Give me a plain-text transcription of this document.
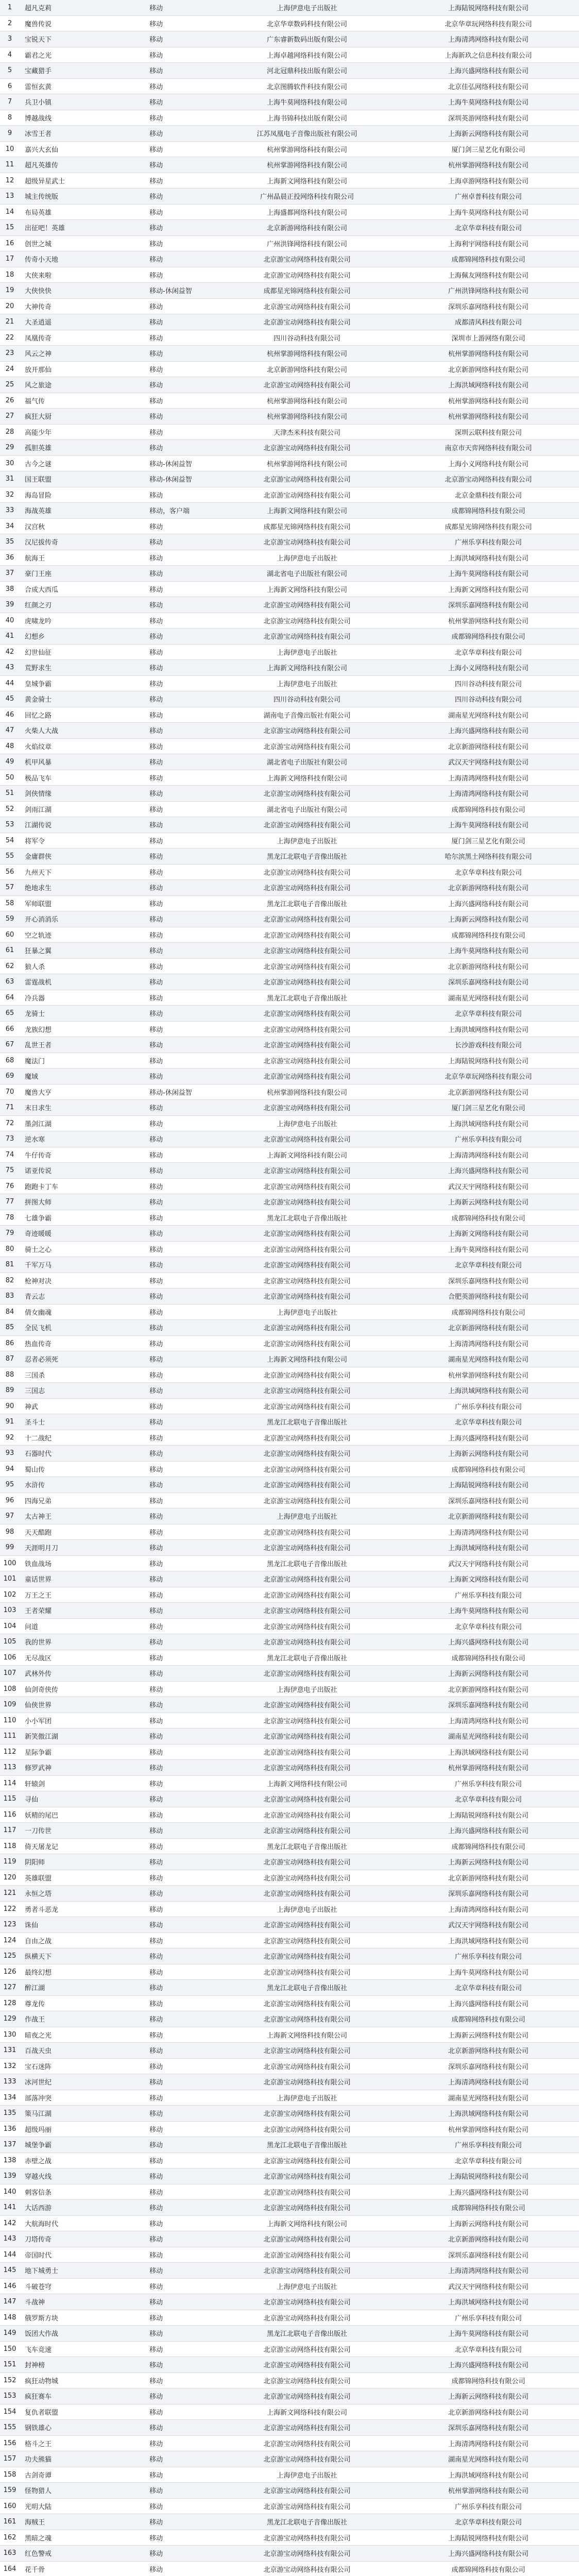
1	超凡克莉	移动	上海伊意电子出版社	上海陆锐网络科技有限公司
2	魔兽传说	移动	北京华章数码科技有限公司	北京华章玩网络科技有限公司
3	宝锐天下	移动	广东睿新数码出版有限公司	上海清鸿网络科技有限公司
4	霸君之光	移动	上海卓越网络科技有限公司	上海新玖之信息科技有限公司
5	宝藏猎手	移动	河北冠鼎科技出版有限公司	上海兴盛网络科技有限公司
6	雷恒玄黄	移动	北京图腾软件科技有限公司	北京佳弘网络科技有限公司
7	兵卫小镇	移动	上海牛莫网络科技有限公司	上海牛莫网络科技有限公司
8	博越战线	移动	上海书锦科技出版有限公司	深圳英游网络科技有限公司
9	冰雪王者	移动	江苏凤凰电子音像出版社有限公司	上海新云网络科技有限公司
10	嘉兴大玄仙	移动	杭州掌游网络科技有限公司	厦门剑三星艺化有限公司
11	超凡英雄传	移动	杭州掌游网络科技有限公司	杭州掌游网络科技有限公司
12	超级异星武士	移动	上海新文网络科技有限公司	上海卓游网络科技有限公司
13	城主传统版	移动	广州晶晨正投网络科技有限公司	广州卓普科技有限公司
14	布局英雄	移动	上海盛都网络科技有限公司	上海牛莫网络科技有限公司
15	出征吧！英雄	移动	北京新游网络科技有限公司	北京华章科技有限公司
16	创世之城	移动	广州洪锋网络科技有限公司	上海利宇网络科技有限公司
17	传奇小天地	移动	北京游宝动网络科技有限公司	成都锦网络科技有限公司
18	大侠来啦	移动	北京游宝动网络科技有限公司	上海佩友网络科技有限公司
19	大侠快快	移动-休闲益智	成都星光锦网络科技有限公司	广州洪锋网络科技有限公司
20	大神传奇	移动	北京游宝动网络科技有限公司	深圳乐嘉网络科技有限公司
21	大圣逍遥	移动	北京游宝动网络科技有限公司	成都清风科技有限公司
22	凤凰传奇	移动	四川谷动科技有限公司	深圳市上游网络有限公司
23	风云之神	移动	杭州掌游网络科技有限公司	杭州掌游网络科技有限公司
24	放开那仙	移动	北京新游网络科技有限公司	北京新游网络科技有限公司
25	风之旅途	移动	北京游宝动网络科技有限公司	上海洪域网络科技有限公司
26	福气传	移动	杭州掌游网络科技有限公司	杭州掌游网络科技有限公司
27	疯狂大厨	移动	杭州掌游网络科技有限公司	杭州掌游网络科技有限公司
28	高能少年	移动	天津杰米科技有限公司	深圳云联科技有限公司
29	孤胆英雄	移动	北京游宝动网络科技有限公司	南京市天弈网络科技有限公司
30	古今之谜	移动-休闲益智	杭州掌游网络科技有限公司	上海小义网络科技有限公司
31	国王联盟	移动-休闲益智	北京游宝动网络科技有限公司	北京游宝动网络科技有限公司
32	海岛冒险	移动	北京游宝动网络科技有限公司	北京金鼎科技有限公司
33	海战英雄	移动，客户端	上海新文网络科技有限公司	成都锦网络科技有限公司
34	汉宫秋	移动	成都星光锦网络科技有限公司	成都星光锦网络科技有限公司
35	汉尼拔传奇	移动	北京游宝动网络科技有限公司	广州乐享科技有限公司
36	航海王	移动	上海伊意电子出版社	上海洪域网络科技有限公司
37	豪门王座	移动	湖北省电子出版社有限公司	上海牛莫网络科技有限公司
38	合成大西瓜	移动	上海新文网络科技有限公司	上海新文网络科技有限公司
39	红颜之刃	移动	北京游宝动网络科技有限公司	深圳乐嘉网络科技有限公司
40	虎啸龙吟	移动	北京游宝动网络科技有限公司	杭州掌游网络科技有限公司
41	幻想乡	移动	北京游宝动网络科技有限公司	成都锦网络科技有限公司
42	幻世仙征	移动	上海伊意电子出版社	北京华章科技有限公司
43	荒野求生	移动	上海新文网络科技有限公司	上海小义网络科技有限公司
44	皇城争霸	移动	上海伊意电子出版社	四川谷动科技有限公司
45	黄金骑士	移动	四川谷动科技有限公司	四川谷动科技有限公司
46	回忆之路	移动	湖南电子音像出版社有限公司	湖南星光网络科技有限公司
47	火柴人大战	移动	北京游宝动网络科技有限公司	上海兴盛网络科技有限公司
48	火焰纹章	移动	北京游宝动网络科技有限公司	北京新游网络科技有限公司
49	机甲风暴	移动	湖北省电子出版社有限公司	武汉天宇网络科技有限公司
50	极品飞车	移动	上海新文网络科技有限公司	上海清鸿网络科技有限公司
51	剑侠情缘	移动	北京游宝动网络科技有限公司	上海清鸿网络科技有限公司
52	剑雨江湖	移动	湖北省电子出版社有限公司	成都锦网络科技有限公司
53	江湖传说	移动	北京游宝动网络科技有限公司	上海牛莫网络科技有限公司
54	将军令	移动	上海伊意电子出版社	厦门剑三星艺化有限公司
55	金庸群侠	移动	黑龙江北联电子音像出版社	哈尔滨黑土网络科技有限公司
56	九州天下	移动	北京游宝动网络科技有限公司	北京华章科技有限公司
57	绝地求生	移动	北京游宝动网络科技有限公司	北京新游网络科技有限公司
58	军师联盟	移动	黑龙江北联电子音像出版社	上海兴盛网络科技有限公司
59	开心消消乐	移动	北京游宝动网络科技有限公司	上海新云网络科技有限公司
60	空之轨迹	移动	北京游宝动网络科技有限公司	成都锦网络科技有限公司
61	狂暴之翼	移动	北京游宝动网络科技有限公司	上海牛莫网络科技有限公司
62	狼人杀	移动	北京游宝动网络科技有限公司	北京新游网络科技有限公司
63	雷霆战机	移动	北京游宝动网络科技有限公司	深圳乐嘉网络科技有限公司
64	冷兵器	移动	黑龙江北联电子音像出版社	湖南星光网络科技有限公司
65	龙骑士	移动	北京游宝动网络科技有限公司	北京华章科技有限公司
66	龙族幻想	移动	北京游宝动网络科技有限公司	上海洪域网络科技有限公司
67	乱世王者	移动	北京游宝动网络科技有限公司	长沙游戏科技有限公司
68	魔法门	移动	北京游宝动网络科技有限公司	上海陆锐网络科技有限公司
69	魔域	移动	北京游宝动网络科技有限公司	北京华章玩网络科技有限公司
70	魔兽大亨	移动-休闲益智	杭州掌游网络科技有限公司	北京新游网络科技有限公司
71	末日求生	移动	北京游宝动网络科技有限公司	厦门剑三星艺化有限公司
72	墨剑江湖	移动	上海伊意电子出版社	上海洪域网络科技有限公司
73	逆水寒	移动	北京游宝动网络科技有限公司	广州乐享科技有限公司
74	牛仔传奇	移动	上海新文网络科技有限公司	上海清鸿网络科技有限公司
75	诺亚传说	移动	北京游宝动网络科技有限公司	上海兴盛网络科技有限公司
76	跑跑卡丁车	移动	北京游宝动网络科技有限公司	武汉天宇网络科技有限公司
77	拼图大师	移动	北京游宝动网络科技有限公司	上海新云网络科技有限公司
78	七雄争霸	移动	黑龙江北联电子音像出版社	成都锦网络科技有限公司
79	奇迹暖暖	移动	北京游宝动网络科技有限公司	上海新文网络科技有限公司
80	骑士之心	移动	北京游宝动网络科技有限公司	上海牛莫网络科技有限公司
81	千军万马	移动	北京游宝动网络科技有限公司	北京华章科技有限公司
82	枪神对决	移动	北京游宝动网络科技有限公司	深圳乐嘉网络科技有限公司
83	青云志	移动	北京游宝动网络科技有限公司	合肥英游网络科技有限公司
84	倩女幽魂	移动	上海伊意电子出版社	成都锦网络科技有限公司
85	全民飞机	移动	北京游宝动网络科技有限公司	北京新游网络科技有限公司
86	热血传奇	移动	北京游宝动网络科技有限公司	上海清鸿网络科技有限公司
87	忍者必须死	移动	上海新文网络科技有限公司	湖南星光网络科技有限公司
88	三国杀	移动	北京游宝动网络科技有限公司	杭州掌游网络科技有限公司
89	三国志	移动	北京游宝动网络科技有限公司	上海洪域网络科技有限公司
90	神武	移动	北京游宝动网络科技有限公司	广州乐享科技有限公司
91	圣斗士	移动	黑龙江北联电子音像出版社	北京华章科技有限公司
92	十二战纪	移动	北京游宝动网络科技有限公司	上海兴盛网络科技有限公司
93	石器时代	移动	北京游宝动网络科技有限公司	上海新云网络科技有限公司
94	蜀山传	移动	北京游宝动网络科技有限公司	成都锦网络科技有限公司
95	水浒传	移动	北京游宝动网络科技有限公司	上海陆锐网络科技有限公司
96	四海兄弟	移动	北京游宝动网络科技有限公司	深圳乐嘉网络科技有限公司
97	太古神王	移动	上海伊意电子出版社	北京新游网络科技有限公司
98	天天酷跑	移动	北京游宝动网络科技有限公司	上海清鸿网络科技有限公司
99	天涯明月刀	移动	北京游宝动网络科技有限公司	上海洪域网络科技有限公司
100	铁血战场	移动	黑龙江北联电子音像出版社	武汉天宇网络科技有限公司
101	童话世界	移动	北京游宝动网络科技有限公司	上海新文网络科技有限公司
102	万王之王	移动	北京游宝动网络科技有限公司	广州乐享科技有限公司
103	王者荣耀	移动	北京游宝动网络科技有限公司	上海牛莫网络科技有限公司
104	问道	移动	北京游宝动网络科技有限公司	北京华章科技有限公司
105	我的世界	移动	北京游宝动网络科技有限公司	上海兴盛网络科技有限公司
106	无尽战区	移动	黑龙江北联电子音像出版社	成都锦网络科技有限公司
107	武林外传	移动	北京游宝动网络科技有限公司	上海新云网络科技有限公司
108	仙剑奇侠传	移动	上海伊意电子出版社	北京新游网络科技有限公司
109	仙侠世界	移动	北京游宝动网络科技有限公司	深圳乐嘉网络科技有限公司
110	小小军团	移动	北京游宝动网络科技有限公司	上海清鸿网络科技有限公司
111	新笑傲江湖	移动	北京游宝动网络科技有限公司	湖南星光网络科技有限公司
112	星际争霸	移动	北京游宝动网络科技有限公司	上海洪域网络科技有限公司
113	修罗武神	移动	北京游宝动网络科技有限公司	杭州掌游网络科技有限公司
114	轩辕剑	移动	上海新文网络科技有限公司	广州乐享科技有限公司
115	寻仙	移动	北京游宝动网络科技有限公司	北京华章科技有限公司
116	妖精的尾巴	移动	北京游宝动网络科技有限公司	上海陆锐网络科技有限公司
117	一刀传世	移动	北京游宝动网络科技有限公司	上海兴盛网络科技有限公司
118	倚天屠龙记	移动	黑龙江北联电子音像出版社	成都锦网络科技有限公司
119	阴阳师	移动	北京游宝动网络科技有限公司	上海新云网络科技有限公司
120	英雄联盟	移动	北京游宝动网络科技有限公司	北京新游网络科技有限公司
121	永恒之塔	移动	北京游宝动网络科技有限公司	深圳乐嘉网络科技有限公司
122	勇者斗恶龙	移动	上海伊意电子出版社	上海清鸿网络科技有限公司
123	诛仙	移动	北京游宝动网络科技有限公司	武汉天宇网络科技有限公司
124	自由之战	移动	北京游宝动网络科技有限公司	上海洪域网络科技有限公司
125	纵横天下	移动	北京游宝动网络科技有限公司	广州乐享科技有限公司
126	最终幻想	移动	北京游宝动网络科技有限公司	上海牛莫网络科技有限公司
127	醉江湖	移动	黑龙江北联电子音像出版社	北京华章科技有限公司
128	尊龙传	移动	北京游宝动网络科技有限公司	上海兴盛网络科技有限公司
129	作战王	移动	北京游宝动网络科技有限公司	成都锦网络科技有限公司
130	暗夜之光	移动	上海新文网络科技有限公司	上海新云网络科技有限公司
131	百战天虫	移动	北京游宝动网络科技有限公司	北京新游网络科技有限公司
132	宝石迷阵	移动	北京游宝动网络科技有限公司	深圳乐嘉网络科技有限公司
133	冰河世纪	移动	北京游宝动网络科技有限公司	上海清鸿网络科技有限公司
134	部落冲突	移动	上海伊意电子出版社	湖南星光网络科技有限公司
135	策马江湖	移动	北京游宝动网络科技有限公司	上海洪域网络科技有限公司
136	超级玛丽	移动	北京游宝动网络科技有限公司	杭州掌游网络科技有限公司
137	城堡争霸	移动	黑龙江北联电子音像出版社	广州乐享科技有限公司
138	赤壁之战	移动	北京游宝动网络科技有限公司	北京华章科技有限公司
139	穿越火线	移动	北京游宝动网络科技有限公司	上海陆锐网络科技有限公司
140	刺客信条	移动	北京游宝动网络科技有限公司	上海兴盛网络科技有限公司
141	大话西游	移动	北京游宝动网络科技有限公司	成都锦网络科技有限公司
142	大航海时代	移动	上海新文网络科技有限公司	上海新云网络科技有限公司
143	刀塔传奇	移动	北京游宝动网络科技有限公司	北京新游网络科技有限公司
144	帝国时代	移动	北京游宝动网络科技有限公司	深圳乐嘉网络科技有限公司
145	地下城勇士	移动	北京游宝动网络科技有限公司	上海清鸿网络科技有限公司
146	斗破苍穹	移动	上海伊意电子出版社	武汉天宇网络科技有限公司
147	斗战神	移动	北京游宝动网络科技有限公司	上海洪域网络科技有限公司
148	俄罗斯方块	移动	北京游宝动网络科技有限公司	广州乐享科技有限公司
149	饭团大作战	移动	黑龙江北联电子音像出版社	上海牛莫网络科技有限公司
150	飞车竞速	移动	北京游宝动网络科技有限公司	北京华章科技有限公司
151	封神榜	移动	北京游宝动网络科技有限公司	上海兴盛网络科技有限公司
152	疯狂动物城	移动	北京游宝动网络科技有限公司	成都锦网络科技有限公司
153	疯狂赛车	移动	北京游宝动网络科技有限公司	上海新云网络科技有限公司
154	复仇者联盟	移动	上海新文网络科技有限公司	北京新游网络科技有限公司
155	钢铁雄心	移动	北京游宝动网络科技有限公司	深圳乐嘉网络科技有限公司
156	格斗之王	移动	北京游宝动网络科技有限公司	上海清鸿网络科技有限公司
157	功夫熊猫	移动	北京游宝动网络科技有限公司	湖南星光网络科技有限公司
158	古剑奇谭	移动	上海伊意电子出版社	上海洪域网络科技有限公司
159	怪物猎人	移动	北京游宝动网络科技有限公司	杭州掌游网络科技有限公司
160	光明大陆	移动	北京游宝动网络科技有限公司	广州乐享科技有限公司
161	海贼王	移动	黑龙江北联电子音像出版社	北京华章科技有限公司
162	黑暗之魂	移动	北京游宝动网络科技有限公司	上海陆锐网络科技有限公司
163	红色警戒	移动	北京游宝动网络科技有限公司	上海兴盛网络科技有限公司
164	花千骨	移动	北京游宝动网络科技有限公司	成都锦网络科技有限公司
